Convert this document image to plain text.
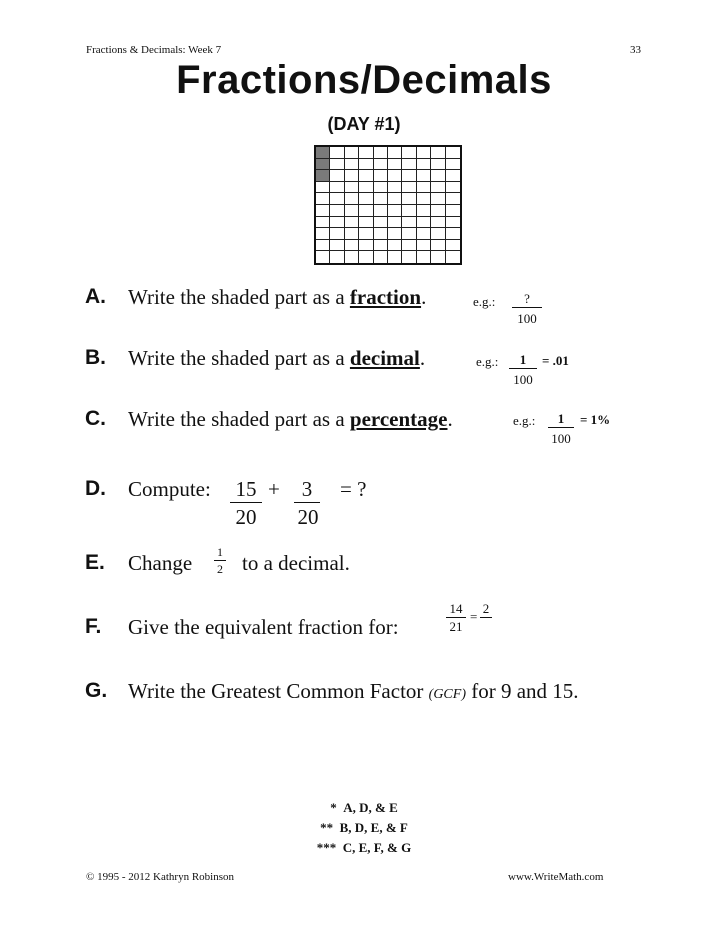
Fractions & Decimals: Week 7	33
Fractions/Decimals
(DAY #1)
A. Write the shaded part as a fraction.	e.g.:	?
100
B. Write the shaded part as a decimal.	e.g.:	1
100
= .01
C. Write the shaded part as a percentage.	e.g.:	1
100
= 1%
D. Compute: 15
20
+	3
20
= ?
E. Change 1
2 to a decimal.
F. Give the equivalent fraction for:
14
21
=
2
G. Write the Greatest Common Factor (GCF) for 9 and 15.
* A, D, & E
** B, D, E, & F
*** C, E, F, & G
© 1995 - 2012 Kathryn Robinson	www.WriteMath.com
